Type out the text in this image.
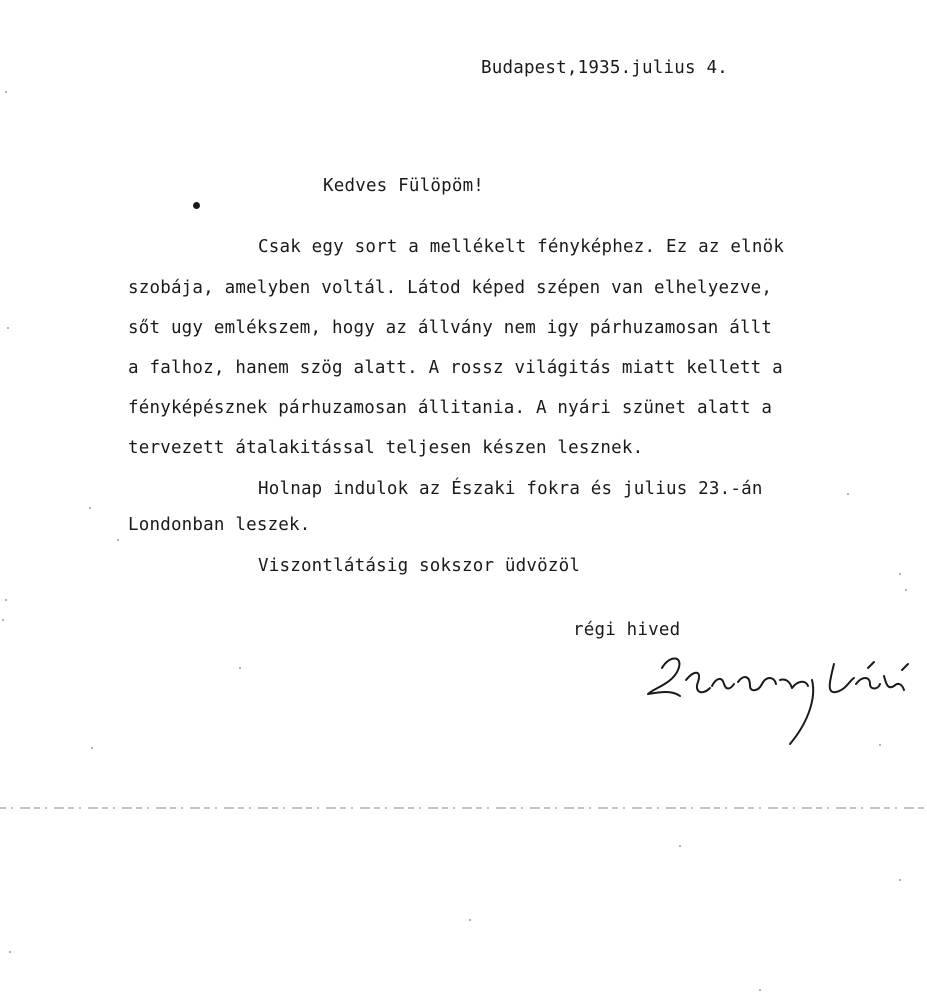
Budapest,1935.julius 4.
Kedves Fülöpöm!
Csak egy sort a mellékelt fényképhez. Ez az elnök
szobája, amelyben voltál. Látod képed szépen van elhelyezve,
sőt ugy emlékszem, hogy az állvány nem igy párhuzamosan állt
a falhoz, hanem szög alatt. A rossz világitás miatt kellett a
fényképésznek párhuzamosan állitania. A nyári szünet alatt a
tervezett átalakitással teljesen készen lesznek.
Holnap indulok az Északi fokra és julius 23.-án
Londonban leszek.
Viszontlátásig sokszor üdvözöl
régi hived
